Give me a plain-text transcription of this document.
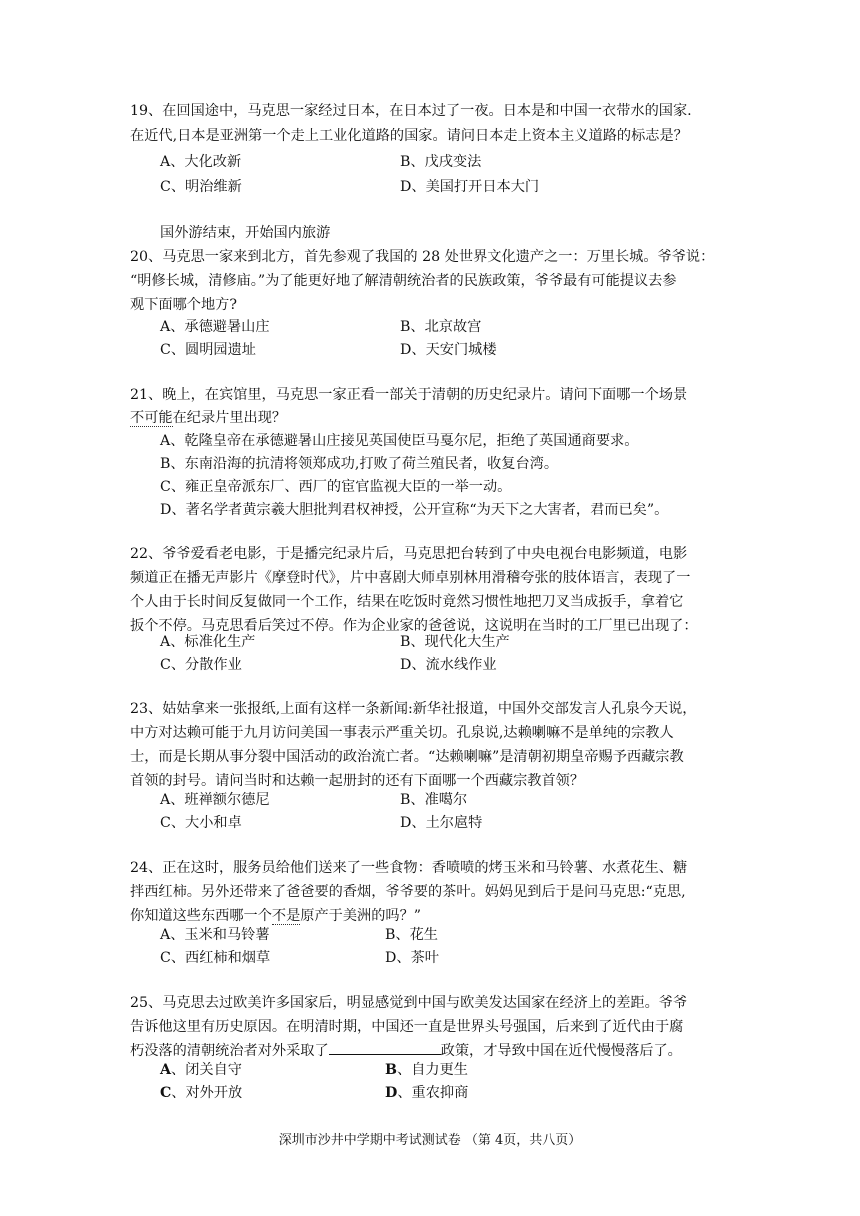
19、在回国途中，马克思一家经过日本，在日本过了一夜。日本是和中国一衣带水的国家.
在近代,日本是亚洲第一个走上工业化道路的国家。请问日本走上资本主义道路的标志是？
A、大化改新	B、戊戌变法
C、明治维新	D、美国打开日本大门
国外游结束，开始国内旅游
20、马克思一家来到北方，首先参观了我国的 28 处世界文化遗产之一：万里长城。爷爷说：
“明修长城，清修庙。”为了能更好地了解清朝统治者的民族政策，爷爷最有可能提议去参
观下面哪个地方?
A、承德避暑山庄	B、北京故宫
C、圆明园遗址	D、天安门城楼
21、晚上，在宾馆里，马克思一家正看一部关于清朝的历史纪录片。请问下面哪一个场景
不可能在纪录片里出现？
A、乾隆皇帝在承德避暑山庄接见英国使臣马戛尔尼，拒绝了英国通商要求。
B、东南沿海的抗清将领郑成功,打败了荷兰殖民者，收复台湾。
C、雍正皇帝派东厂、西厂的宦官监视大臣的一举一动。
D、著名学者黄宗羲大胆批判君权神授，公开宣称“为天下之大害者，君而已矣”。
22、爷爷爱看老电影，于是播完纪录片后，马克思把台转到了中央电视台电影频道，电影
频道正在播无声影片《摩登时代》，片中喜剧大师卓别林用滑稽夸张的肢体语言，表现了一
个人由于长时间反复做同一个工作，结果在吃饭时竟然习惯性地把刀叉当成扳手，拿着它
扳个不停。马克思看后笑过不停。作为企业家的爸爸说，这说明在当时的工厂里已出现了：
A、标准化生产	B、现代化大生产
C、分散作业	D、流水线作业
23、姑姑拿来一张报纸,上面有这样一条新闻:新华社报道，中国外交部发言人孔泉今天说，
中方对达赖可能于九月访问美国一事表示严重关切。孔泉说,达赖喇嘛不是单纯的宗教人
士，而是长期从事分裂中国活动的政治流亡者。“达赖喇嘛”是清朝初期皇帝赐予西藏宗教
首领的封号。请问当时和达赖一起册封的还有下面哪一个西藏宗教首领？
A、班禅额尔德尼	B、准噶尔
C、大小和卓	D、土尔扈特
24、正在这时，服务员给他们送来了一些食物：香喷喷的烤玉米和马铃薯、水煮花生、糖
拌西红柿。另外还带来了爸爸要的香烟，爷爷要的茶叶。妈妈见到后于是问马克思:“克思,
你知道这些东西哪一个不是原产于美洲的吗？”
A、玉米和马铃薯	B、花生
C、西红柿和烟草	D、茶叶
25、马克思去过欧美许多国家后，明显感觉到中国与欧美发达国家在经济上的差距。爷爷
告诉他这里有历史原因。在明清时期，中国还一直是世界头号强国，后来到了近代由于腐
朽没落的清朝统治者对外采取了	政策，才导致中国在近代慢慢落后了。
A、闭关自守	B、自力更生
C、对外开放	D、重农抑商
深圳市沙井中学期中考试测试卷 （第 4页，共八页）
